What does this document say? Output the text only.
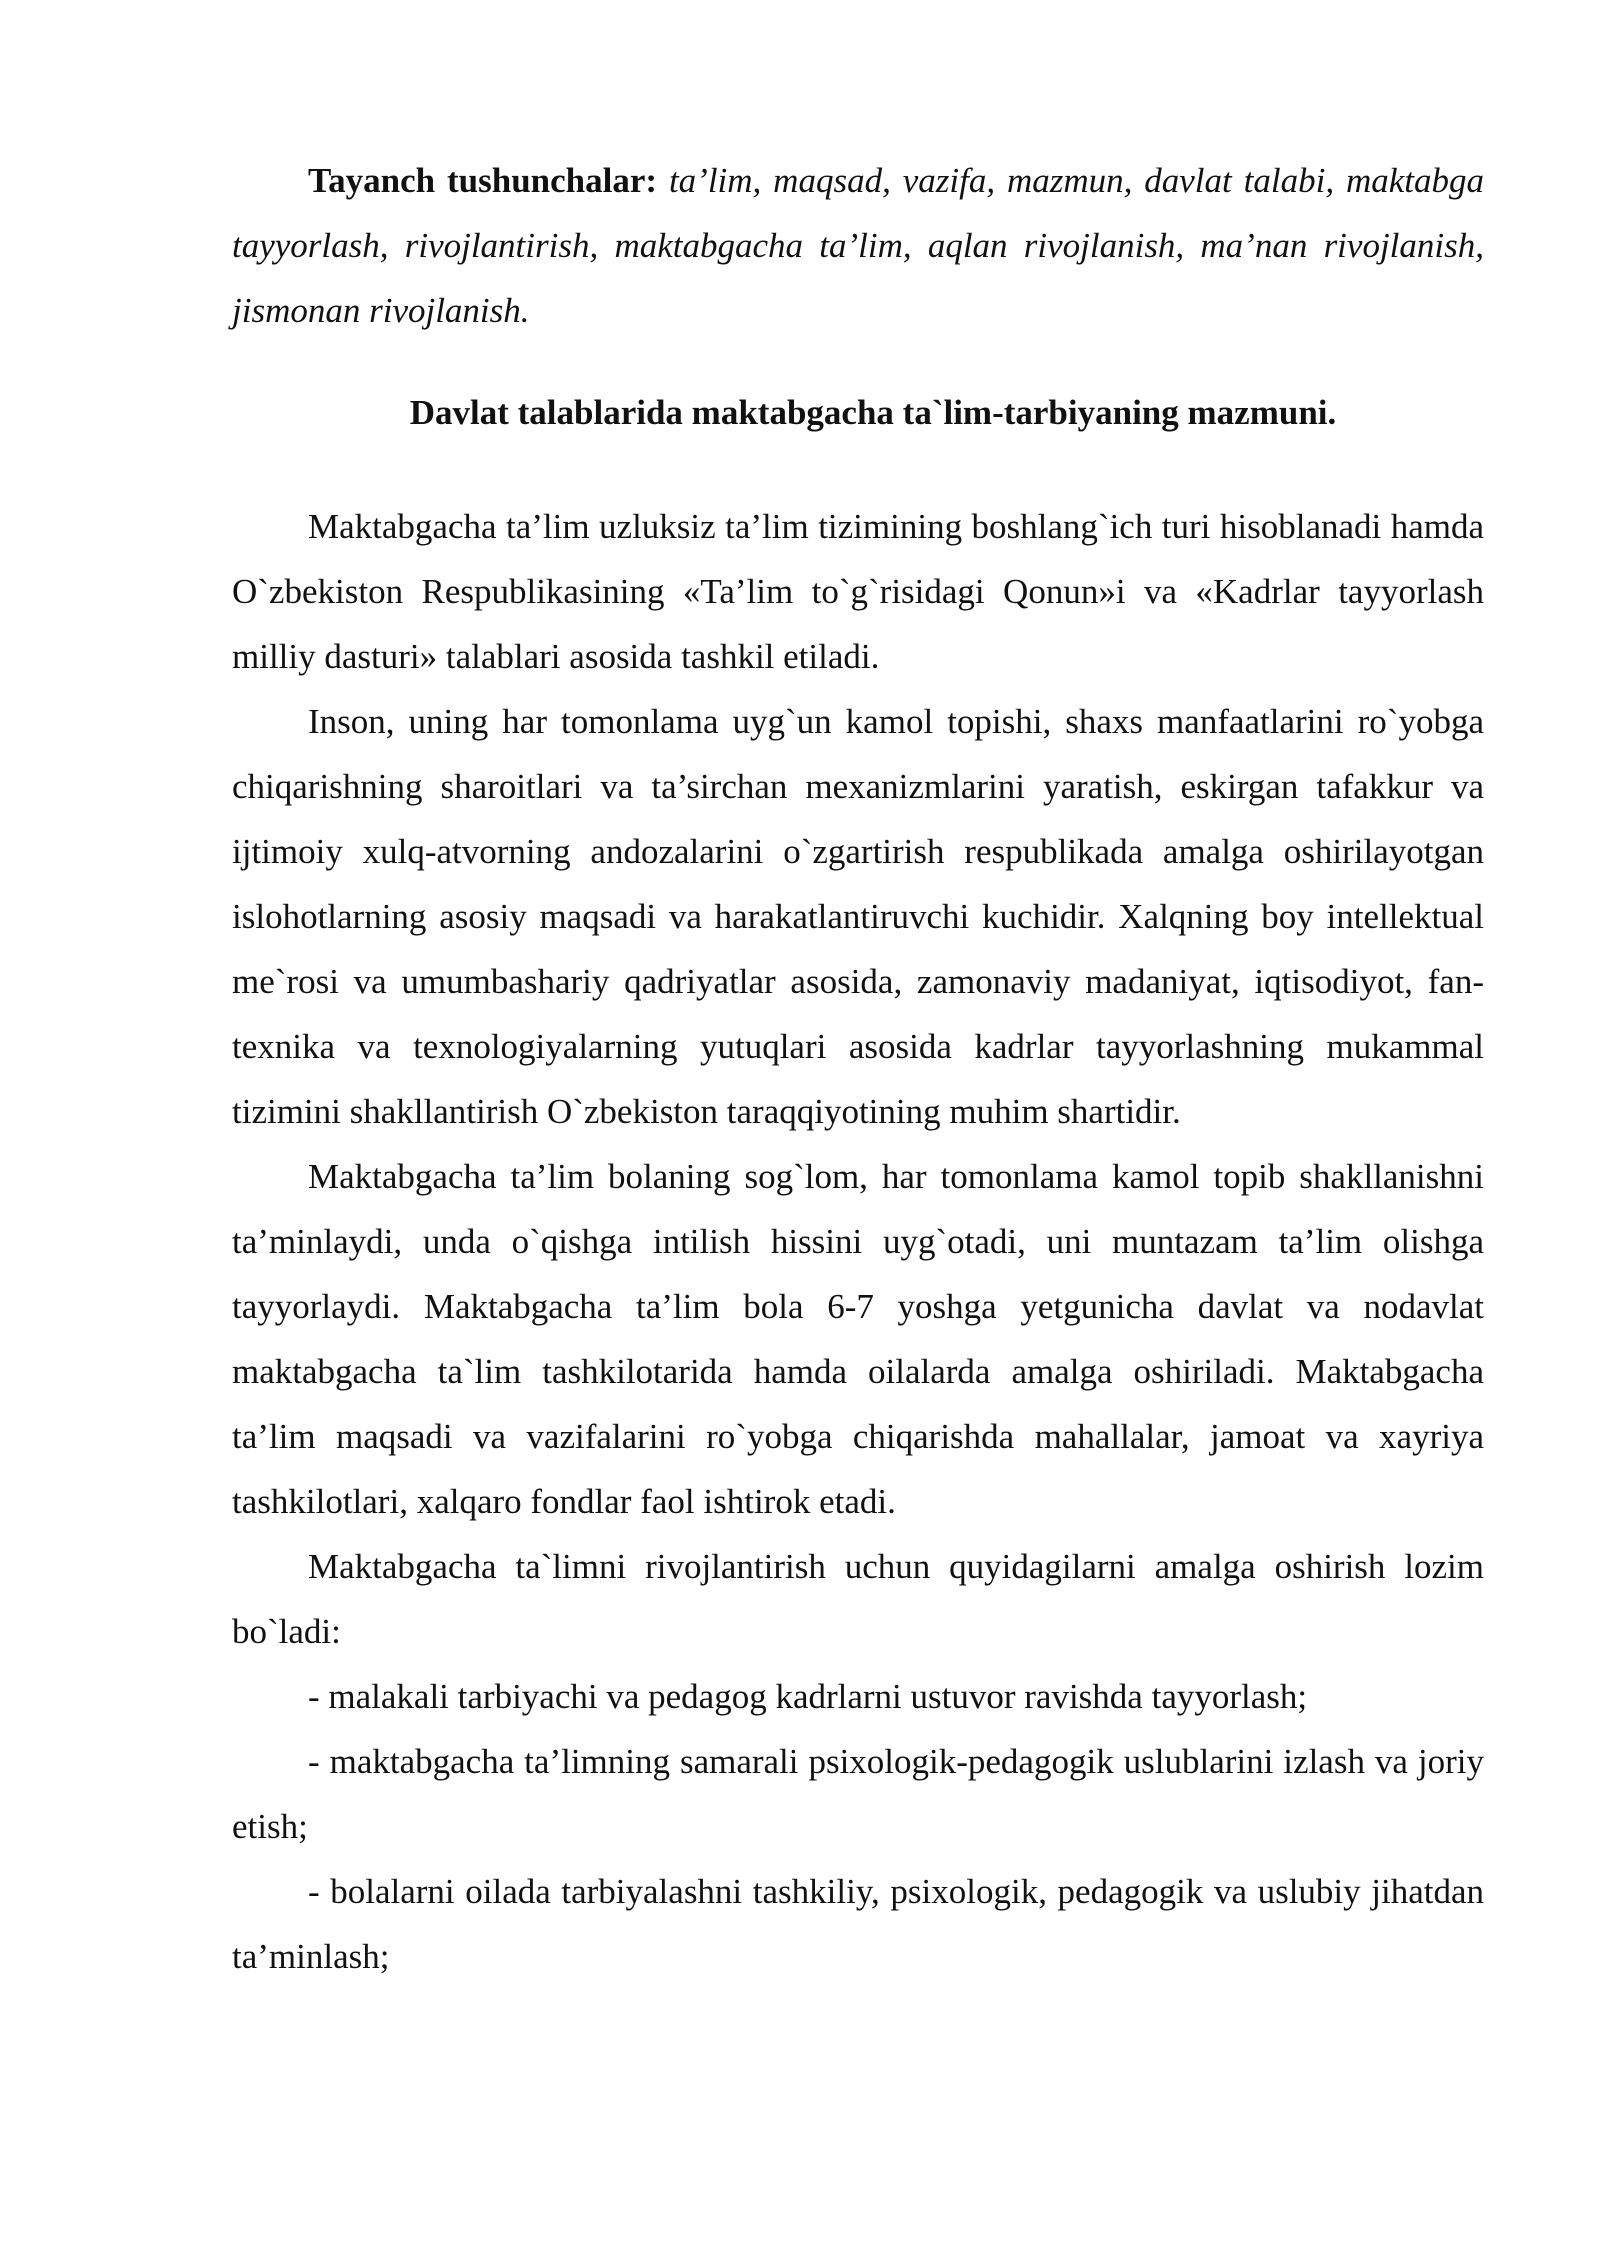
Tayanch tushunchalar: ta’lim, maqsad, vazifa, mazmun, davlat talabi, maktabga tayyorlash, rivojlantirish, maktabgacha ta’lim, aqlan rivojlanish, ma’nan rivojlanish, jismonan rivojlanish.

Davlat talablarida maktabgacha ta`lim-tarbiyaning mazmuni.

Maktabgacha ta’lim uzluksiz ta’lim tizimining boshlang`ich turi hisoblanadi hamda O`zbekiston Respublikasining «Ta’lim to`g`risidagi Qonun»i va «Kadrlar tayyorlash milliy dasturi» talablari asosida tashkil etiladi.

Inson, uning har tomonlama uyg`un kamol topishi, shaxs manfaatlarini ro`yobga chiqarishning sharoitlari va ta’sirchan mexanizmlarini yaratish, eskirgan tafakkur va ijtimoiy xulq-atvorning andozalarini o`zgartirish respublikada amalga oshirilayotgan islohotlarning asosiy maqsadi va harakatlantiruvchi kuchidir. Xalqning boy intellektual me`rosi va umumbashariy qadriyatlar asosida, zamonaviy madaniyat, iqtisodiyot, fan-texnika va texnologiyalarning yutuqlari asosida kadrlar tayyorlashning mukammal tizimini shakllantirish O`zbekiston taraqqiyotining muhim shartidir.

Maktabgacha ta’lim bolaning sog`lom, har tomonlama kamol topib shakllanishni ta’minlaydi, unda o`qishga intilish hissini uyg`otadi, uni muntazam ta’lim olishga tayyorlaydi. Maktabgacha ta’lim bola 6-7 yoshga yetgunicha davlat va nodavlat maktabgacha ta`lim tashkilotarida hamda oilalarda amalga oshiriladi. Maktabgacha ta’lim maqsadi va vazifalarini ro`yobga chiqarishda mahallalar, jamoat va xayriya tashkilotlari, xalqaro fondlar faol ishtirok etadi.

Maktabgacha ta`limni rivojlantirish uchun quyidagilarni amalga oshirish lozim bo`ladi:

- malakali tarbiyachi va pedagog kadrlarni ustuvor ravishda tayyorlash;

- maktabgacha ta’limning samarali psixologik-pedagogik uslublarini izlash va joriy etish;

- bolalarni oilada tarbiyalashni tashkiliy, psixologik, pedagogik va uslubiy jihatdan ta’minlash;
